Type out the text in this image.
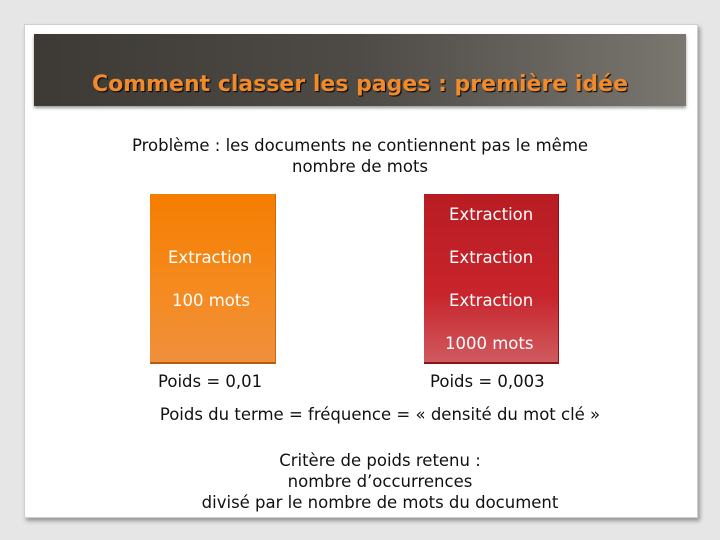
Comment classer les pages : première idée
Problème : les documents ne contiennent pas le même
nombre de mots
Extraction
100 mots
Extraction
Extraction
Extraction
1000 mots
Poids = 0,01	Poids = 0,003
Poids du terme = fréquence = « densité du mot clé »
Critère de poids retenu :
nombre d’occurrences
divisé par le nombre de mots du document
